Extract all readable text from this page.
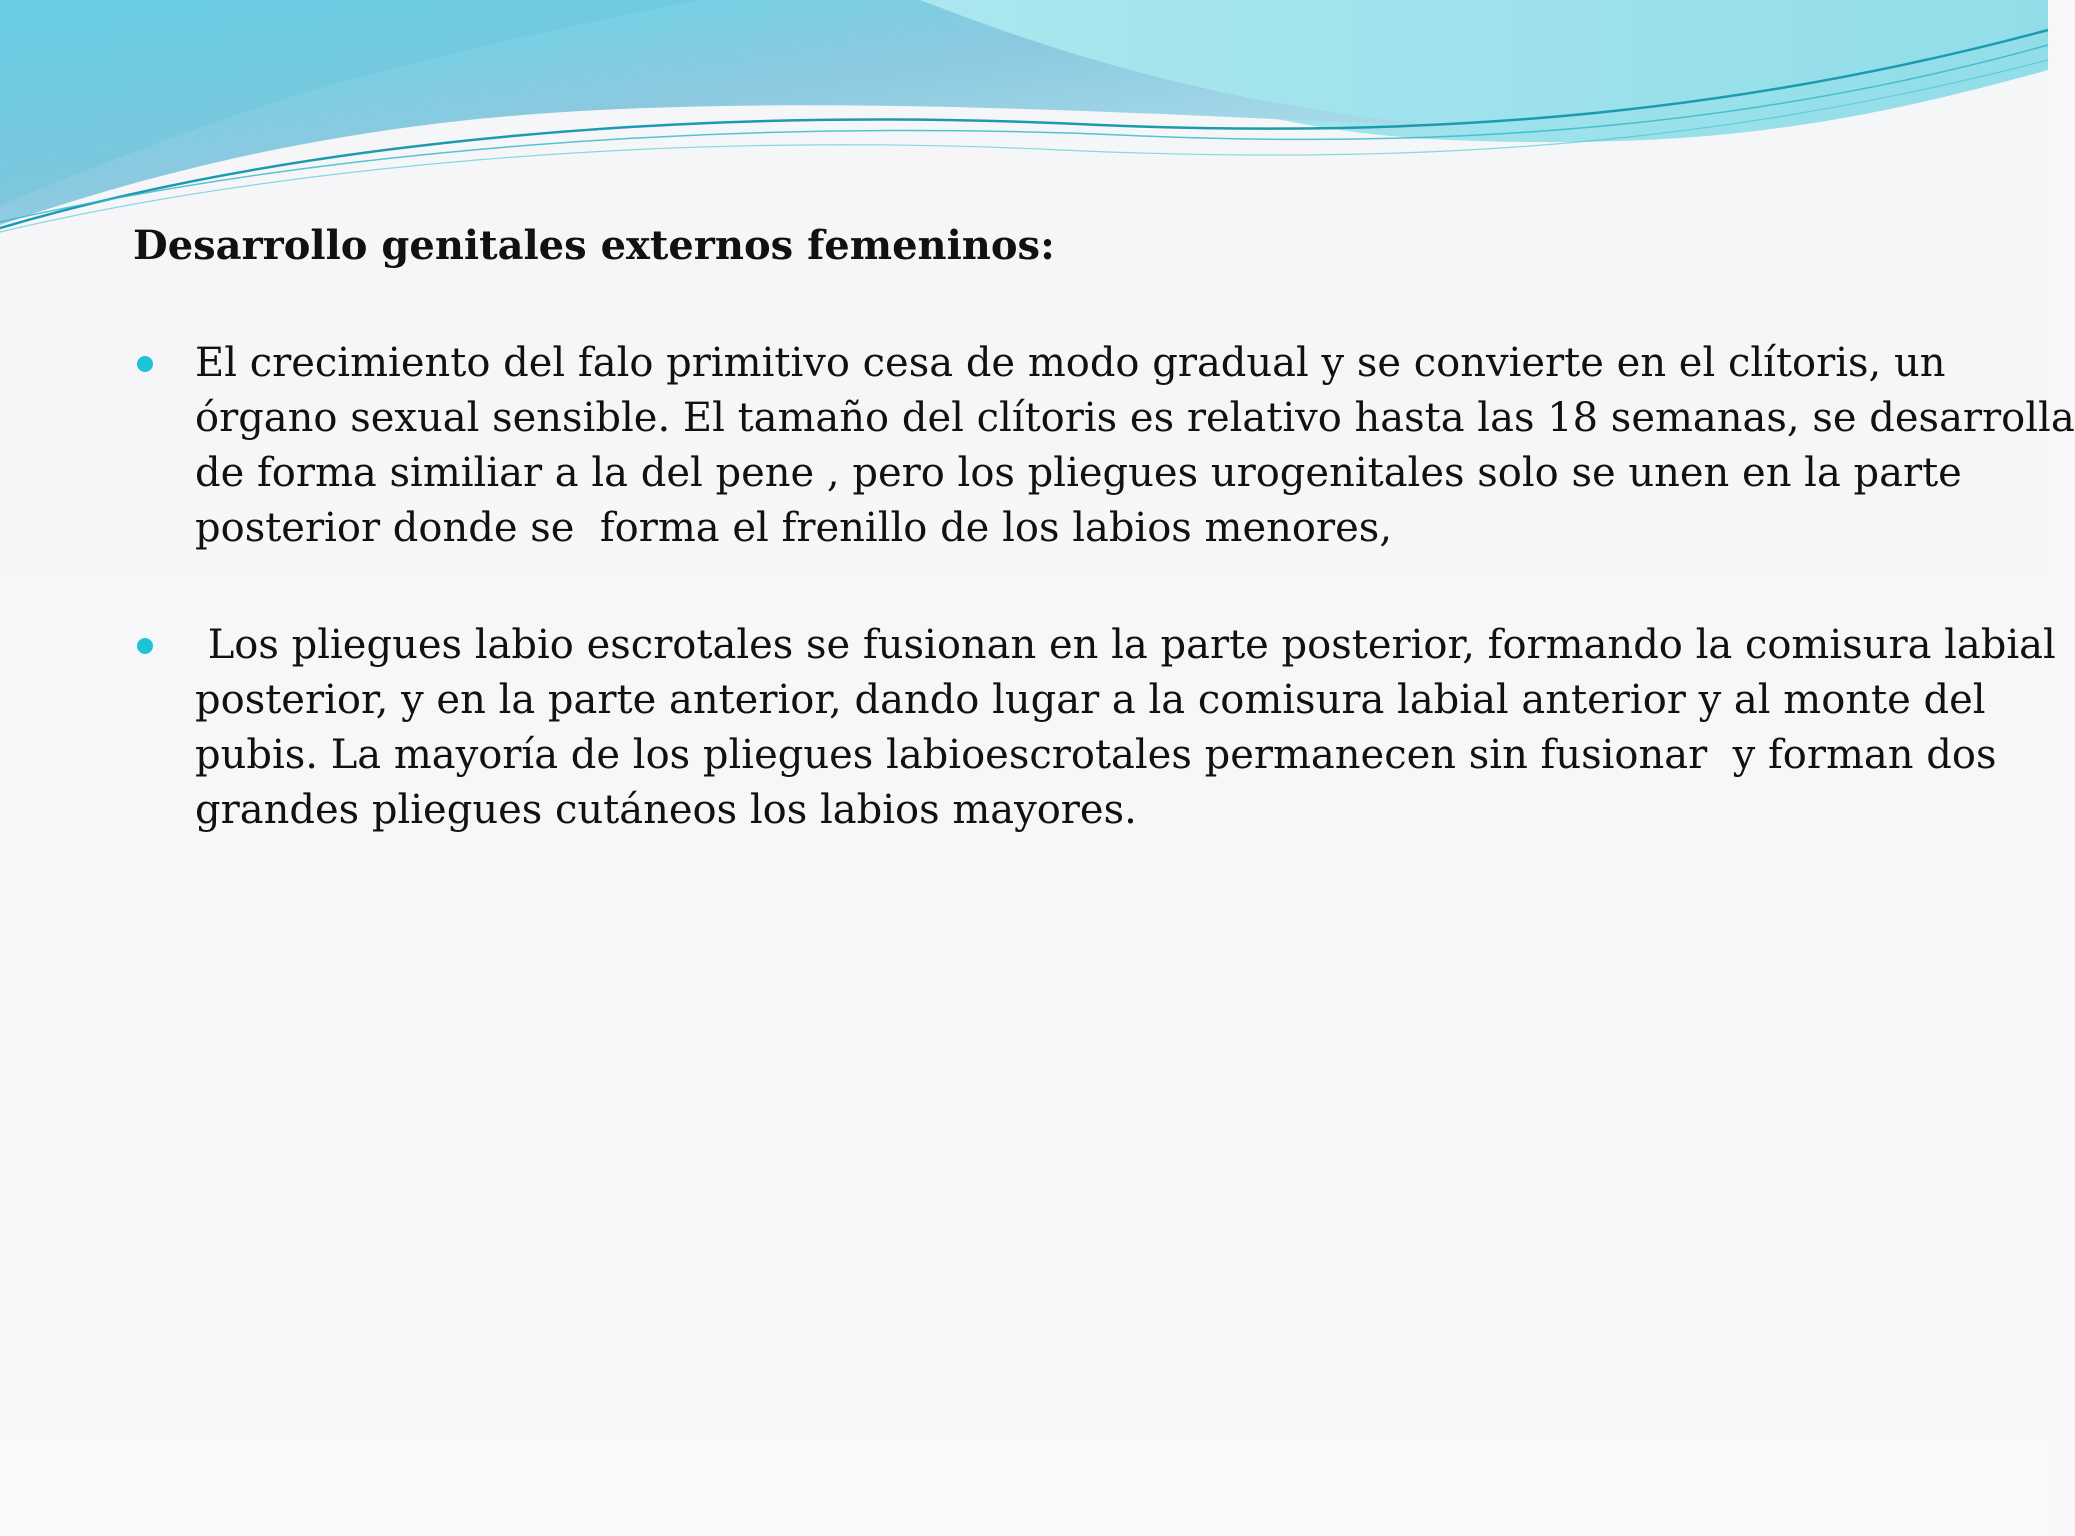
Desarrollo genitales externos femeninos:
El crecimiento del falo primitivo cesa de modo gradual y se convierte en el clítoris, un órgano sexual sensible. El tamaño del clítoris es relativo hasta las 18 semanas, se desarrolla de forma similiar a la del pene , pero los pliegues urogenitales solo se unen en la parte posterior donde se  forma el frenillo de los labios menores,
Los pliegues labio escrotales se fusionan en la parte posterior, formando la comisura labial posterior, y en la parte anterior, dando lugar a la comisura labial anterior y al monte del pubis. La mayoría de los pliegues labioescrotales permanecen sin fusionar  y forman dos grandes pliegues cutáneos los labios mayores.
